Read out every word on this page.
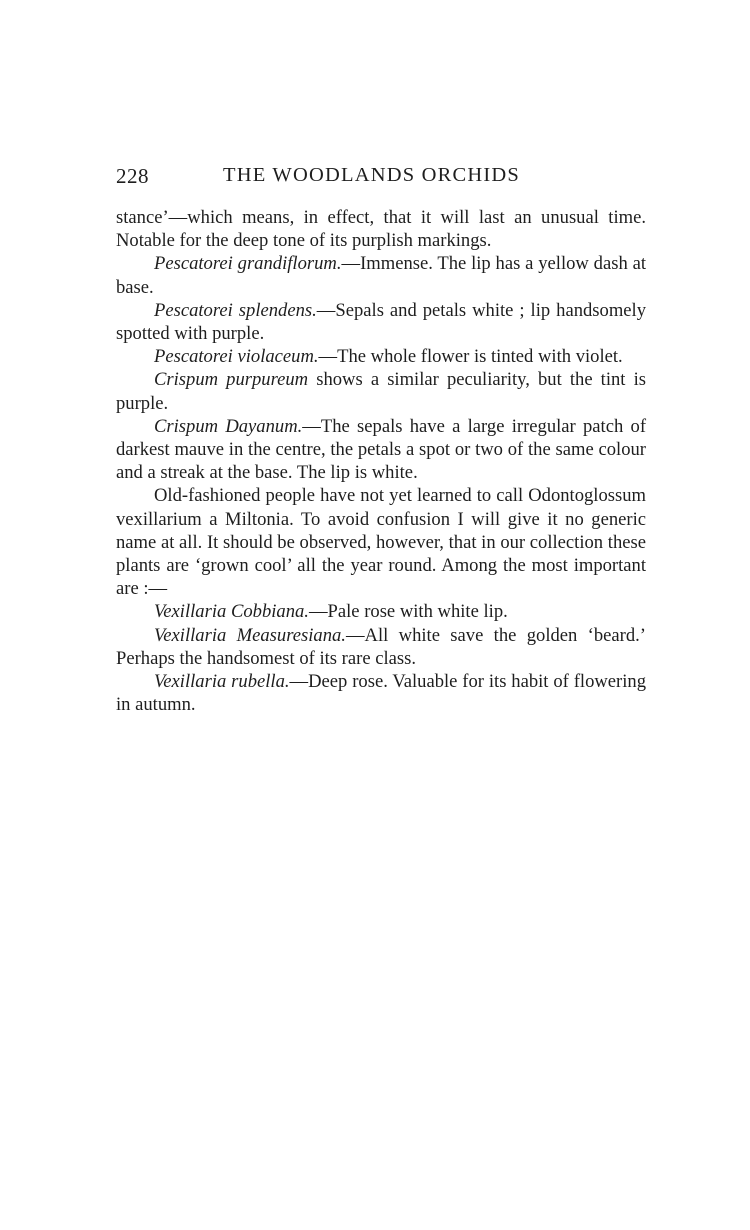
228	THE WOODLANDS ORCHIDS

stance’—which means, in effect, that it will last an unusual time. Notable for the deep tone of its purplish markings.

Pescatorei grandiflorum.—Immense. The lip has a yellow dash at base.

Pescatorei splendens.—Sepals and petals white ; lip handsomely spotted with purple.

Pescatorei violaceum.—The whole flower is tinted with violet.

Crispum purpureum shows a similar peculiarity, but the tint is purple.

Crispum Dayanum.—The sepals have a large irregular patch of darkest mauve in the centre, the petals a spot or two of the same colour and a streak at the base. The lip is white.

Old-fashioned people have not yet learned to call Odontoglossum vexillarium a Miltonia. To avoid confusion I will give it no generic name at all. It should be observed, however, that in our collection these plants are ‘grown cool’ all the year round. Among the most important are :—

Vexillaria Cobbiana.—Pale rose with white lip.

Vexillaria Measuresiana.—All white save the golden ‘beard.’ Perhaps the handsomest of its rare class.

Vexillaria rubella.—Deep rose. Valuable for its habit of flowering in autumn.
